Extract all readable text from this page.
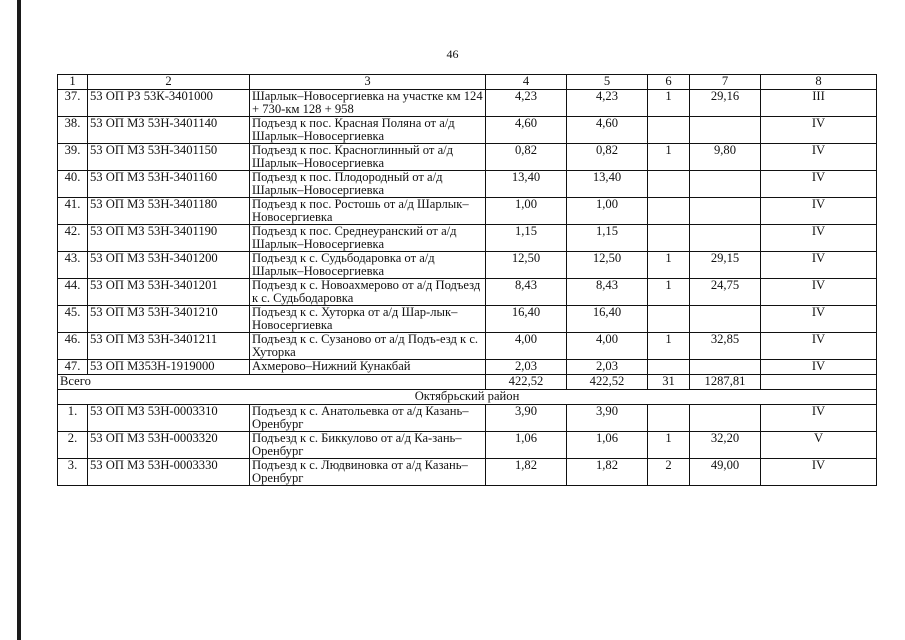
46
1	2	3	4	5	6	7	8
37.	53 ОП РЗ 53К-3401000	Шарлык–Новосергиевка на участке км 124 + 730-км 128 + 958	4,23	4,23	1	29,16	III
38.	53 ОП МЗ 53Н-3401140	Подъезд к пос. Красная Поляна от а/д Шарлык–Новосергиевка	4,60	4,60			IV
39.	53 ОП МЗ 53Н-3401150	Подъезд к пос. Красноглинный от а/д Шарлык–Новосергиевка	0,82	0,82	1	9,80	IV
40.	53 ОП МЗ 53Н-3401160	Подъезд к пос. Плодородный от а/д Шарлык–Новосергиевка	13,40	13,40			IV
41.	53 ОП МЗ 53Н-3401180	Подъезд к пос. Ростошь от а/д Шарлык–Новосергиевка	1,00	1,00			IV
42.	53 ОП МЗ 53Н-3401190	Подъезд к пос. Среднеуранский от а/д Шарлык–Новосергиевка	1,15	1,15			IV
43.	53 ОП МЗ 53Н-3401200	Подъезд к с. Судьбодаровка от а/д Шарлык–Новосергиевка	12,50	12,50	1	29,15	IV
44.	53 ОП МЗ 53Н-3401201	Подъезд к с. Новоахмерово от а/д Подъезд к с. Судьбодаровка	8,43	8,43	1	24,75	IV
45.	53 ОП МЗ 53Н-3401210	Подъезд к с. Хуторка от а/д Шар-лык–Новосергиевка	16,40	16,40			IV
46.	53 ОП МЗ 53Н-3401211	Подъезд к с. Сузаново от а/д Подъ-езд к с. Хуторка	4,00	4,00	1	32,85	IV
47.	53 ОП МЗ53Н-1919000	Ахмерово–Нижний Кунакбай	2,03	2,03			IV
Всего			422,52	422,52	31	1287,81	
Октябрьский район							
1.	53 ОП МЗ 53Н-0003310	Подъезд к с. Анатольевка от а/д Казань–Оренбург	3,90	3,90			IV
2.	53 ОП МЗ 53Н-0003320	Подъезд к с. Биккулово от а/д Ка-зань–Оренбург	1,06	1,06	1	32,20	V
3.	53 ОП МЗ 53Н-0003330	Подъезд к с. Людвиновка от а/д Казань–Оренбург	1,82	1,82	2	49,00	IV
